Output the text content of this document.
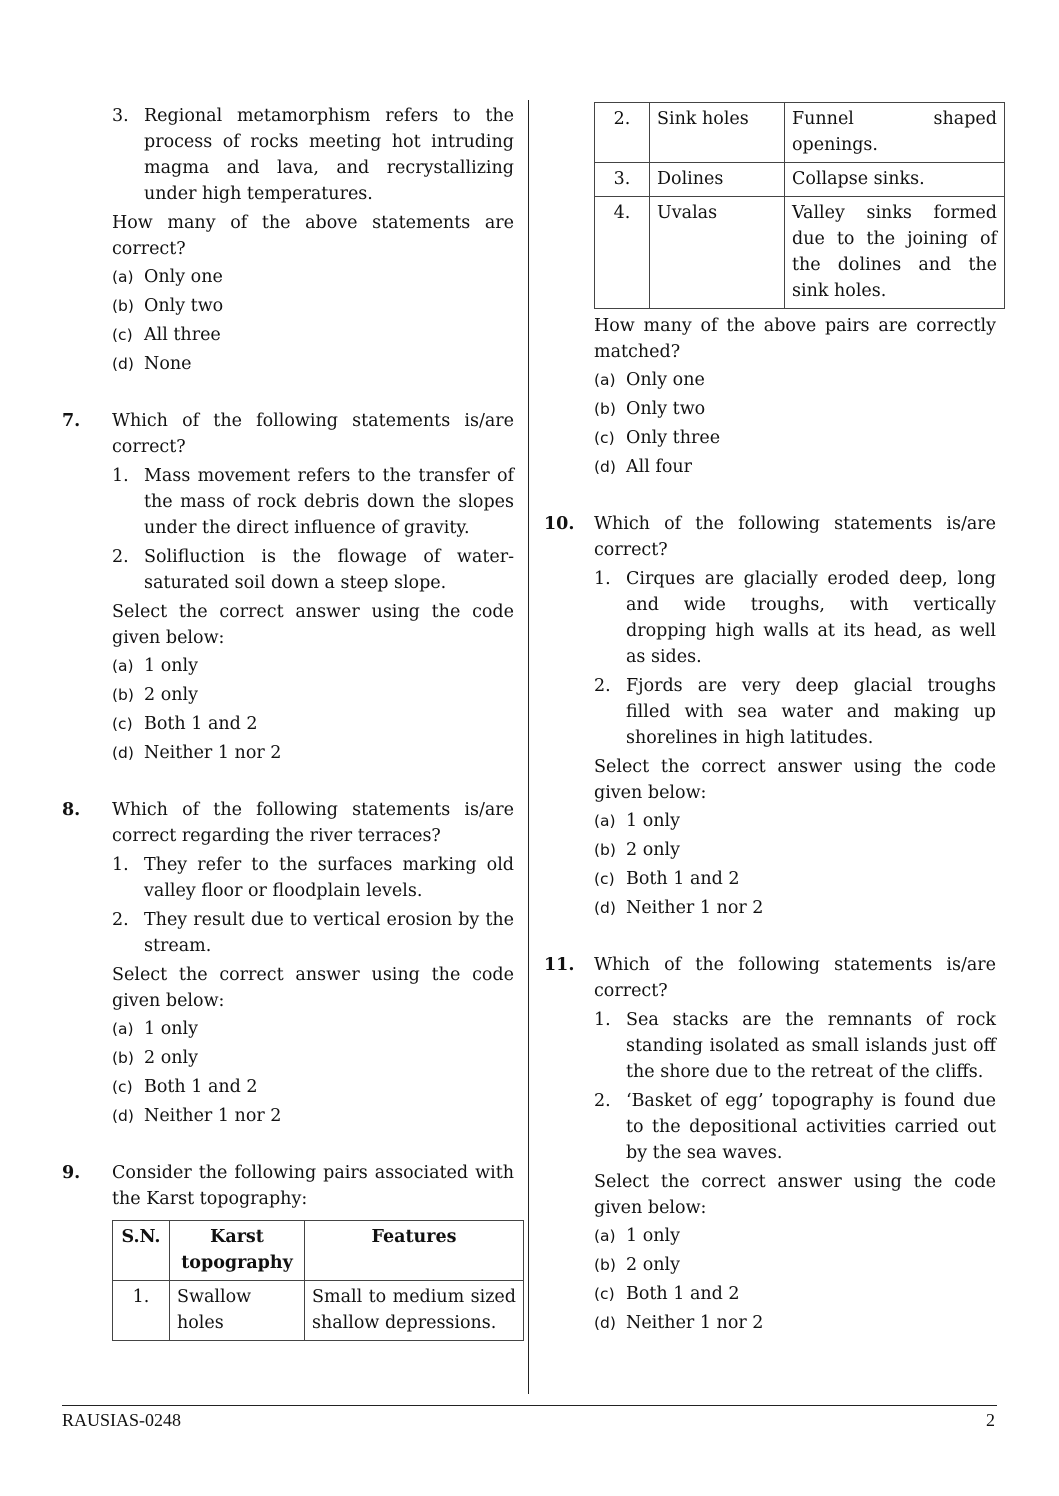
3. Regional metamorphism refers to the process of rocks meeting hot intruding magma and lava, and recrystallizing under high temperatures.
How many of the above statements are correct?
(a) Only one
(b) Only two
(c) All three
(d) None
7. Which of the following statements is/are correct?
1. Mass movement refers to the transfer of the mass of rock debris down the slopes under the direct influence of gravity.
2. Solifluction is the flowage of water-saturated soil down a steep slope.
Select the correct answer using the code given below:
(a) 1 only
(b) 2 only
(c) Both 1 and 2
(d) Neither 1 nor 2
8. Which of the following statements is/are correct regarding the river terraces?
1. They refer to the surfaces marking old valley floor or floodplain levels.
2. They result due to vertical erosion by the stream.
Select the correct answer using the code given below:
(a) 1 only
(b) 2 only
(c) Both 1 and 2
(d) Neither 1 nor 2
9. Consider the following pairs associated with the Karst topography:
S.N.	Karst topography	Features
1.	Swallow holes	Small to medium sized shallow depressions.
2.	Sink holes	Funnel shaped openings.
3.	Dolines	Collapse sinks.
4.	Uvalas	Valley sinks formed due to the joining of the dolines and the sink holes.
How many of the above pairs are correctly matched?
(a) Only one
(b) Only two
(c) Only three
(d) All four
10. Which of the following statements is/are correct?
1. Cirques are glacially eroded deep, long and wide troughs, with vertically dropping high walls at its head, as well as sides.
2. Fjords are very deep glacial troughs filled with sea water and making up shorelines in high latitudes.
Select the correct answer using the code given below:
(a) 1 only
(b) 2 only
(c) Both 1 and 2
(d) Neither 1 nor 2
11. Which of the following statements is/are correct?
1. Sea stacks are the remnants of rock standing isolated as small islands just off the shore due to the retreat of the cliffs.
2. ‘Basket of egg’ topography is found due to the depositional activities carried out by the sea waves.
Select the correct answer using the code given below:
(a) 1 only
(b) 2 only
(c) Both 1 and 2
(d) Neither 1 nor 2
RAUSIAS-0248	2
